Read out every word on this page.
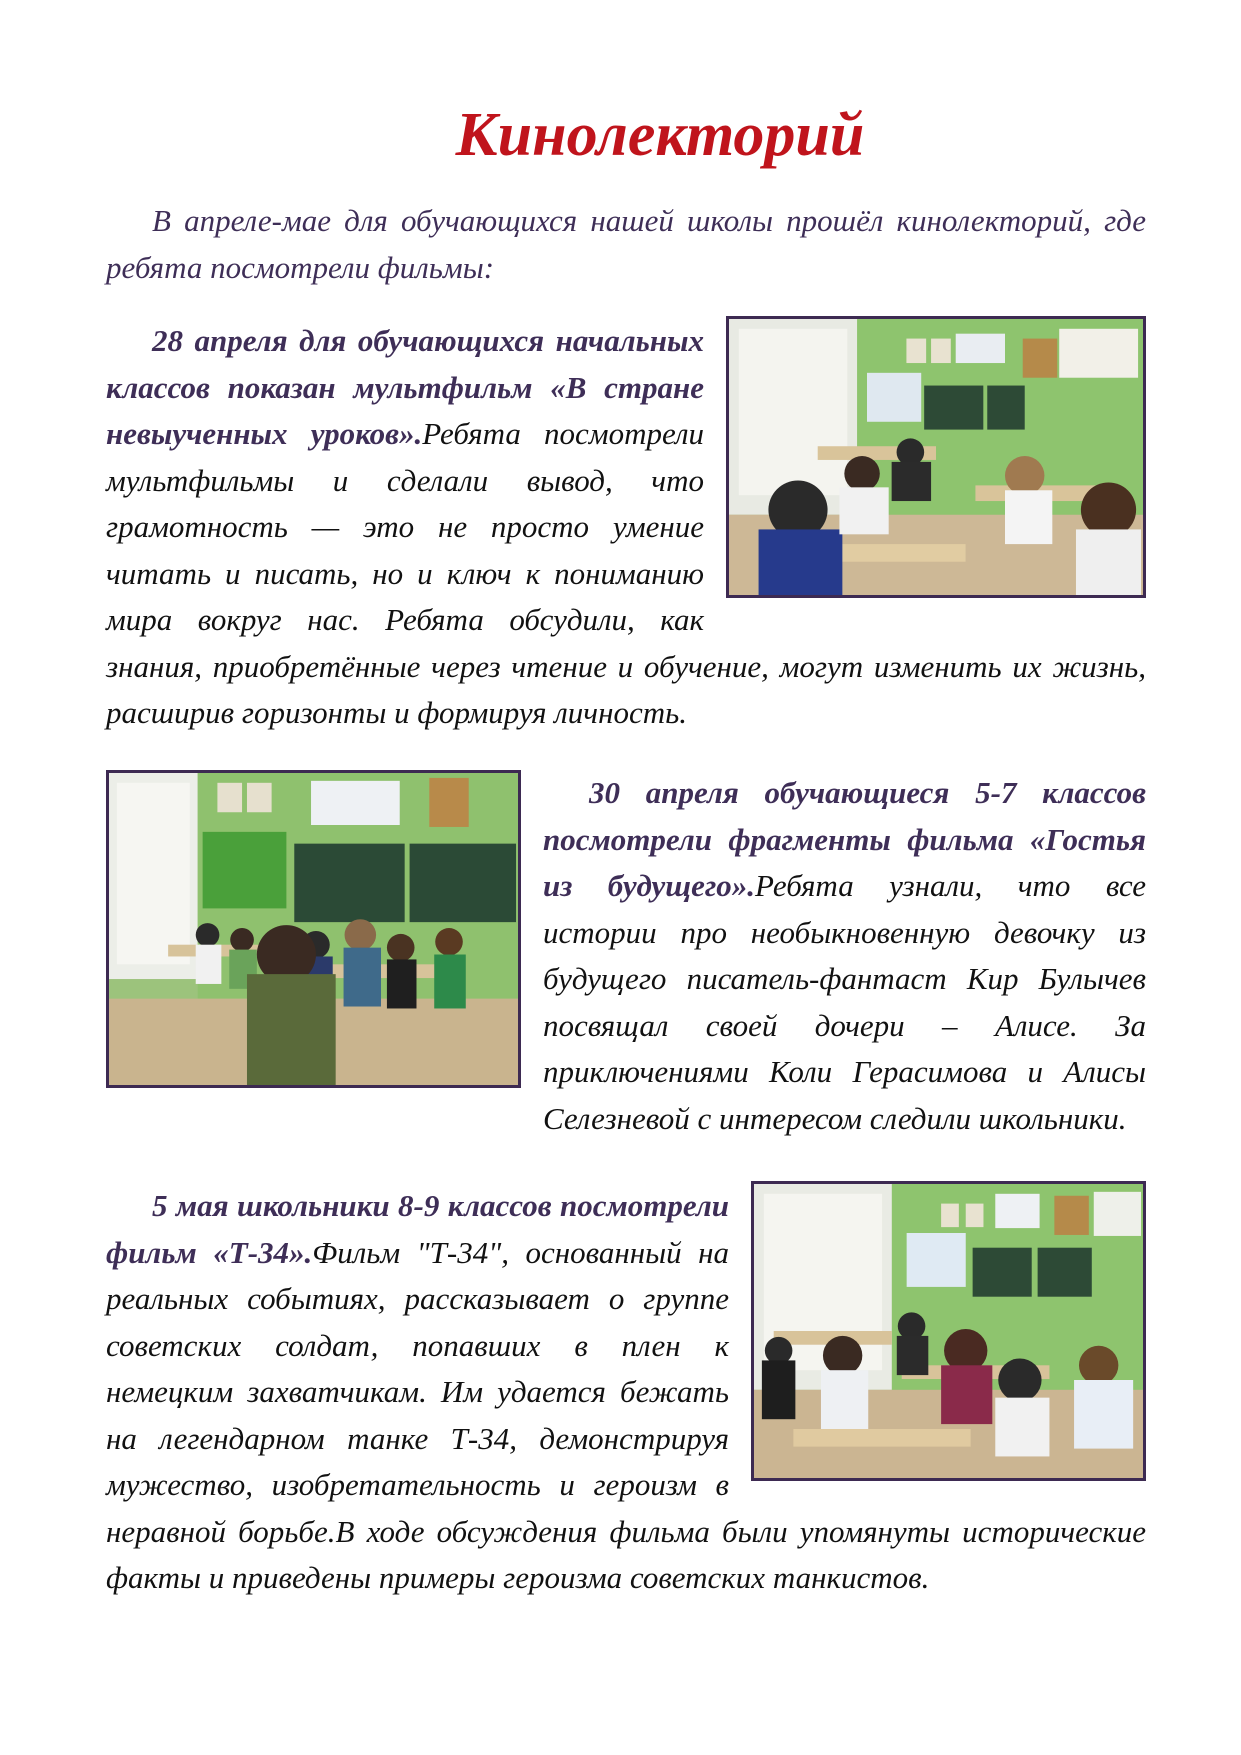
Кинолекторий

В апреле-мае для обучающихся нашей школы прошёл кинолекторий, где ребята посмотрели фильмы:

28 апреля для обучающихся начальных классов показан мультфильм «В стране невыученных уроков».Ребята посмотрели мультфильмы и сделали вывод, что грамотность — это не просто умение читать и писать, но и ключ к пониманию мира вокруг нас. Ребята обсудили, как знания, приобретённые через чтение и обучение, могут изменить их жизнь, расширив горизонты и формируя личность.
30 апреля обучающиеся 5-7 классов посмотрели фрагменты фильма «Гостья из будущего».Ребята узнали, что все истории про необыкновенную девочку из будущего писатель-фантаст Кир Булычев посвящал своей дочери – Алисе. За приключениями Коли Герасимова и Алисы Селезневой с интересом следили школьники.
5 мая школьники 8-9 классов посмотрели фильм «Т-34».Фильм "Т-34", основанный на реальных событиях, рассказывает о группе советских солдат, попавших в плен к немецким захватчикам. Им удается бежать на легендарном танке Т-34, демонстрируя мужество, изобретательность и героизм в неравной борьбе.В ходе обсуждения фильма были упомянуты исторические факты и приведены примеры героизма советских танкистов.
